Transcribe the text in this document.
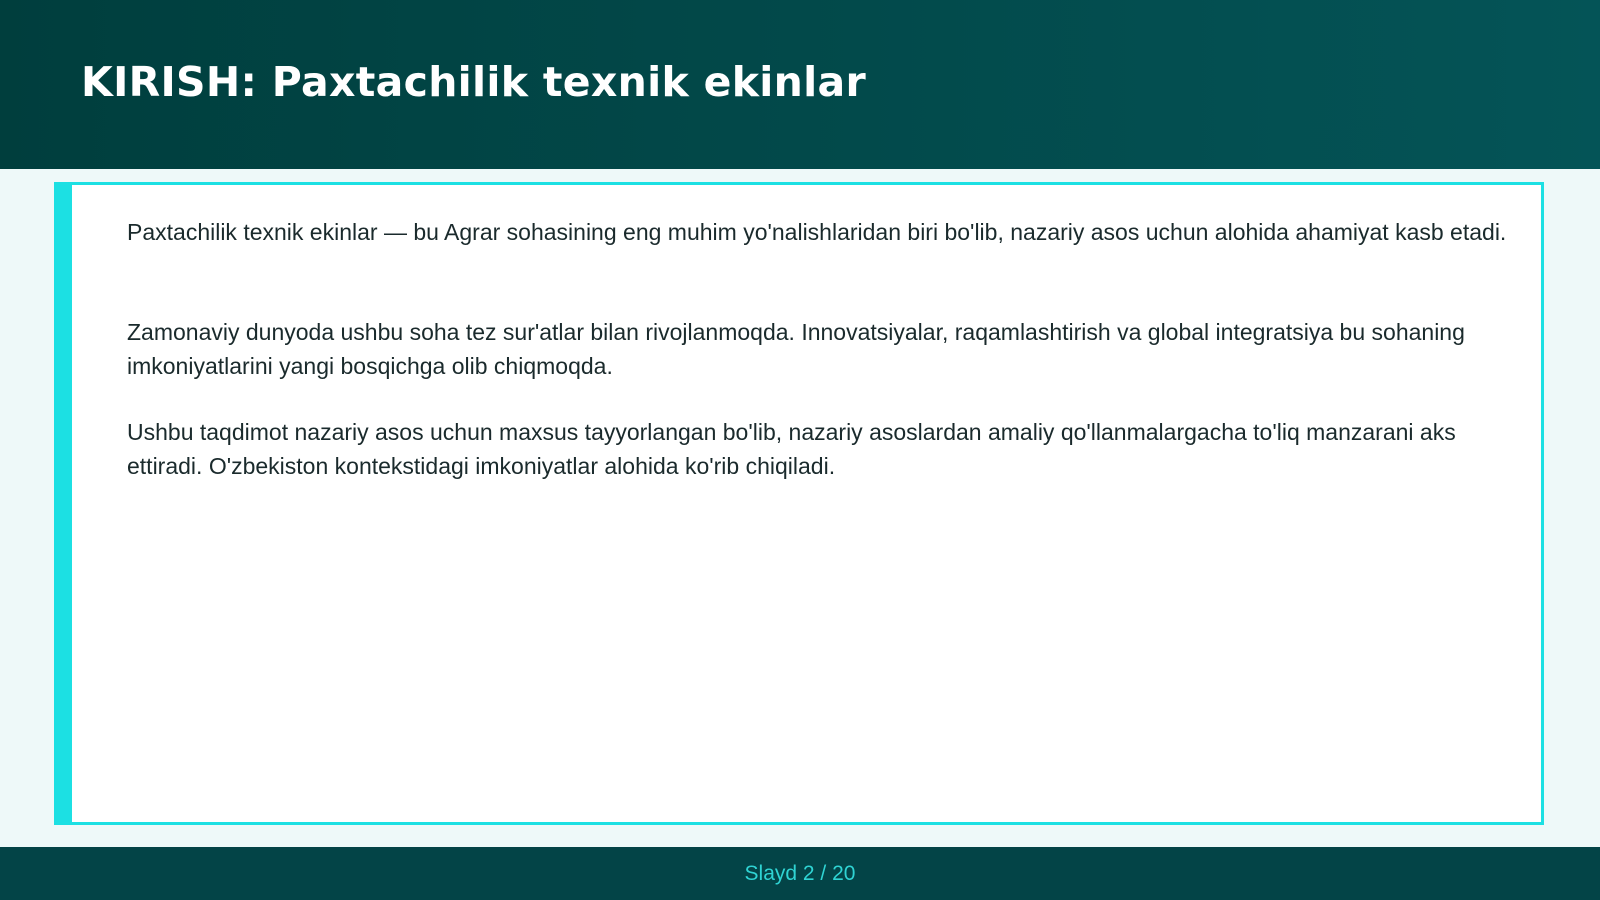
KIRISH: Paxtachilik texnik ekinlar

Paxtachilik texnik ekinlar — bu Agrar sohasining eng muhim yo'nalishlaridan biri bo'lib, nazariy asos uchun alohida ahamiyat kasb etadi.

Zamonaviy dunyoda ushbu soha tez sur'atlar bilan rivojlanmoqda. Innovatsiyalar, raqamlashtirish va global integratsiya bu sohaning imkoniyatlarini yangi bosqichga olib chiqmoqda.

Ushbu taqdimot nazariy asos uchun maxsus tayyorlangan bo'lib, nazariy asoslardan amaliy qo'llanmalargacha to'liq manzarani aks ettiradi. O'zbekiston kontekstidagi imkoniyatlar alohida ko'rib chiqiladi.

Slayd 2 / 20
